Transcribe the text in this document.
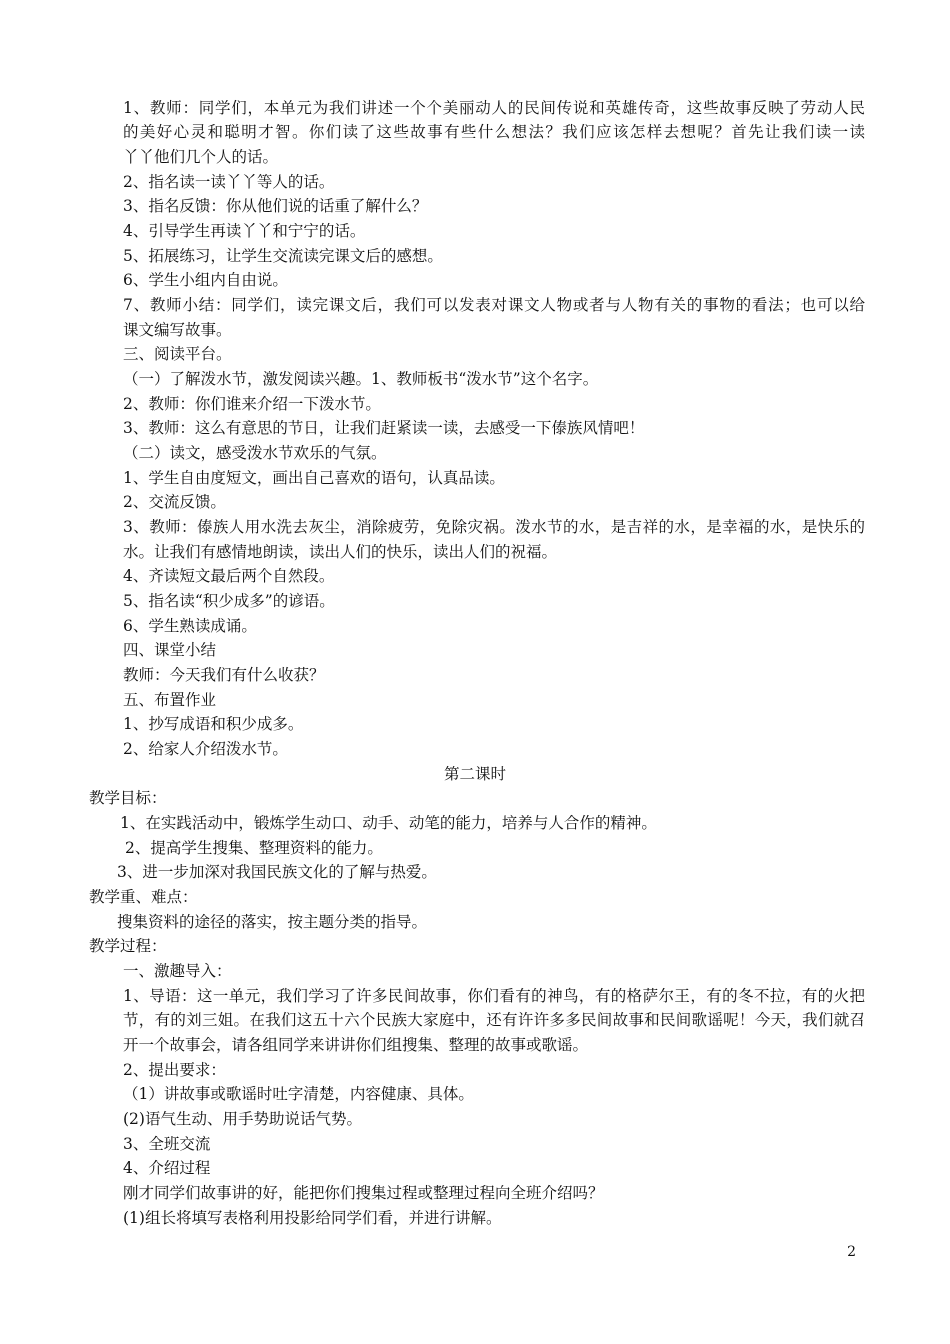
1、教师：同学们，本单元为我们讲述一个个美丽动人的民间传说和英雄传奇，这些故事反映了劳动人民
的美好心灵和聪明才智。你们读了这些故事有些什么想法？我们应该怎样去想呢？首先让我们读一读
丫丫他们几个人的话。
2、指名读一读丫丫等人的话。
3、指名反馈：你从他们说的话重了解什么？
4、引导学生再读丫丫和宁宁的话。
5、拓展练习，让学生交流读完课文后的感想。
6、学生小组内自由说。
7、教师小结：同学们，读完课文后，我们可以发表对课文人物或者与人物有关的事物的看法；也可以给
课文编写故事。
三、阅读平台。
（一）了解泼水节，激发阅读兴趣。1、教师板书“泼水节”这个名字。
2、教师：你们谁来介绍一下泼水节。
3、教师：这么有意思的节日，让我们赶紧读一读，去感受一下傣族风情吧！
（二）读文，感受泼水节欢乐的气氛。
1、学生自由度短文，画出自己喜欢的语句，认真品读。
2、交流反馈。
3、教师：傣族人用水洗去灰尘，消除疲劳，免除灾祸。泼水节的水，是吉祥的水，是幸福的水，是快乐的
水。让我们有感情地朗读，读出人们的快乐，读出人们的祝福。
4、齐读短文最后两个自然段。
5、指名读“积少成多”的谚语。
6、学生熟读成诵。
四、课堂小结
教师：今天我们有什么收获？
五、布置作业
1、抄写成语和积少成多。
2、给家人介绍泼水节。
第二课时
教学目标：
1、在实践活动中，锻炼学生动口、动手、动笔的能力，培养与人合作的精神。
2、提高学生搜集、整理资料的能力。
3、进一步加深对我国民族文化的了解与热爱。
教学重、难点：
搜集资料的途径的落实，按主题分类的指导。
教学过程：
一、激趣导入：
1、导语：这一单元，我们学习了许多民间故事，你们看有的神鸟，有的格萨尔王，有的冬不拉，有的火把
节，有的刘三姐。在我们这五十六个民族大家庭中，还有许许多多民间故事和民间歌谣呢！今天，我们就召
开一个故事会，请各组同学来讲讲你们组搜集、整理的故事或歌谣。
2、提出要求：
（1）讲故事或歌谣时吐字清楚，内容健康、具体。
(2)语气生动、用手势助说话气势。
3、全班交流
4、介绍过程
刚才同学们故事讲的好，能把你们搜集过程或整理过程向全班介绍吗？
(1)组长将填写表格利用投影给同学们看，并进行讲解。
2
